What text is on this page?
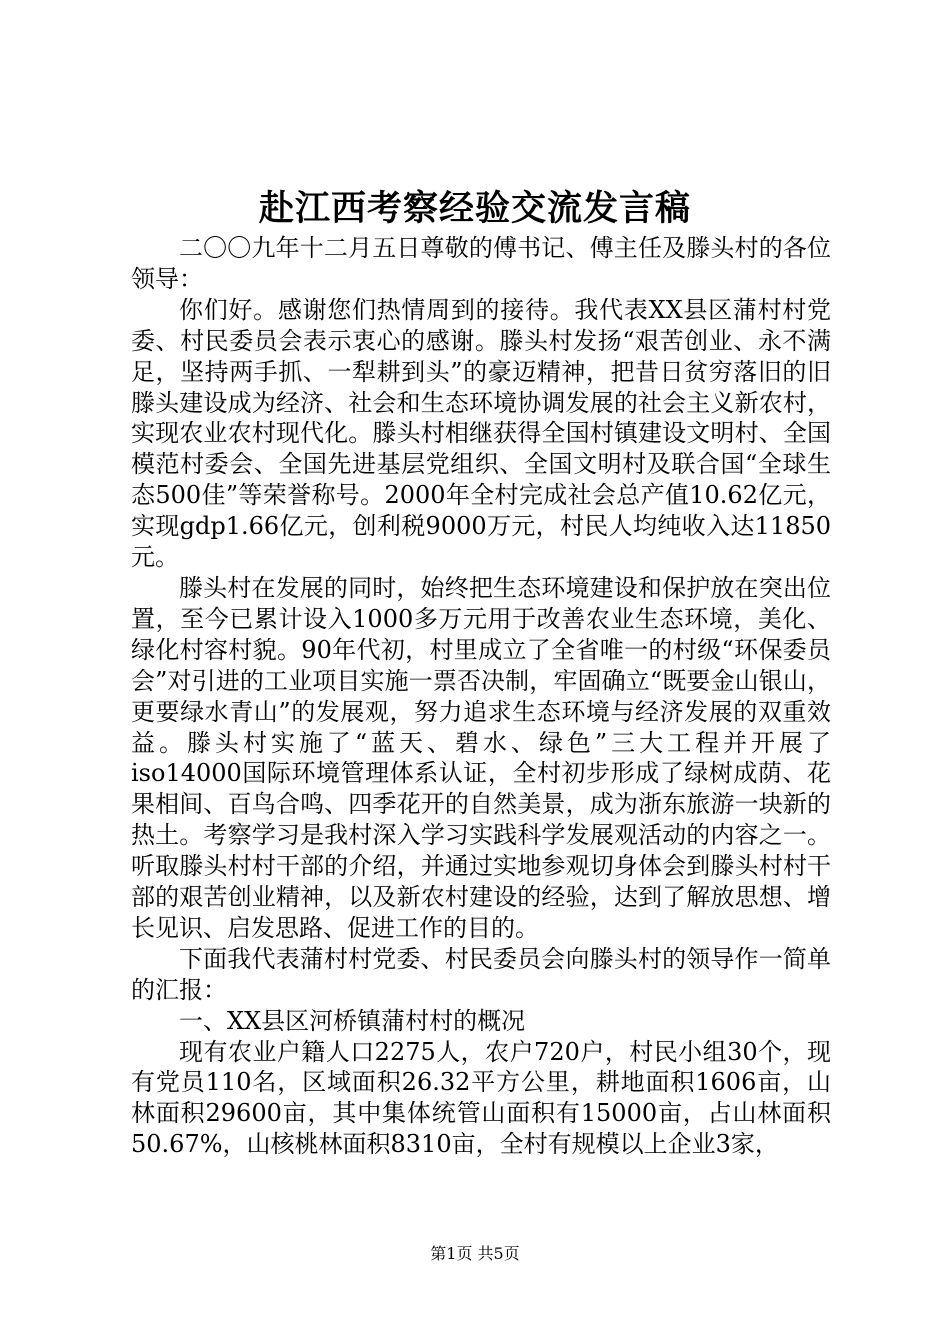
赴江西考察经验交流发言稿

二〇〇九年十二月五日尊敬的傅书记、傅主任及滕头村的各位领导：

你们好。感谢您们热情周到的接待。我代表XX县区蒲村村党委、村民委员会表示衷心的感谢。滕头村发扬“艰苦创业、永不满足，坚持两手抓、一犁耕到头”的豪迈精神，把昔日贫穷落旧的旧滕头建设成为经济、社会和生态环境协调发展的社会主义新农村，实现农业农村现代化。滕头村相继获得全国村镇建设文明村、全国模范村委会、全国先进基层党组织、全国文明村及联合国“全球生态500佳”等荣誉称号。2000年全村完成社会总产值10.62亿元，实现gdp1.66亿元，创利税9000万元，村民人均纯收入达11850元。

滕头村在发展的同时，始终把生态环境建设和保护放在突出位置，至今已累计设入1000多万元用于改善农业生态环境，美化、绿化村容村貌。90年代初，村里成立了全省唯一的村级“环保委员会”对引进的工业项目实施一票否决制，牢固确立“既要金山银山，更要绿水青山”的发展观，努力追求生态环境与经济发展的双重效益。滕头村实施了“蓝天、碧水、绿色”三大工程并开展了iso14000国际环境管理体系认证，全村初步形成了绿树成荫、花果相间、百鸟合鸣、四季花开的自然美景，成为浙东旅游一块新的热土。考察学习是我村深入学习实践科学发展观活动的内容之一。听取滕头村村干部的介绍，并通过实地参观切身体会到滕头村村干部的艰苦创业精神，以及新农村建设的经验，达到了解放思想、增长见识、启发思路、促进工作的目的。

下面我代表蒲村村党委、村民委员会向滕头村的领导作一简单的汇报：

一、XX县区河桥镇蒲村村的概况

现有农业户籍人口2275人，农户720户，村民小组30个，现有党员110名，区域面积26.32平方公里，耕地面积1606亩，山林面积29600亩，其中集体统管山面积有15000亩，占山林面积50.67%，山核桃林面积8310亩，全村有规模以上企业3家，

第1页 共5页
